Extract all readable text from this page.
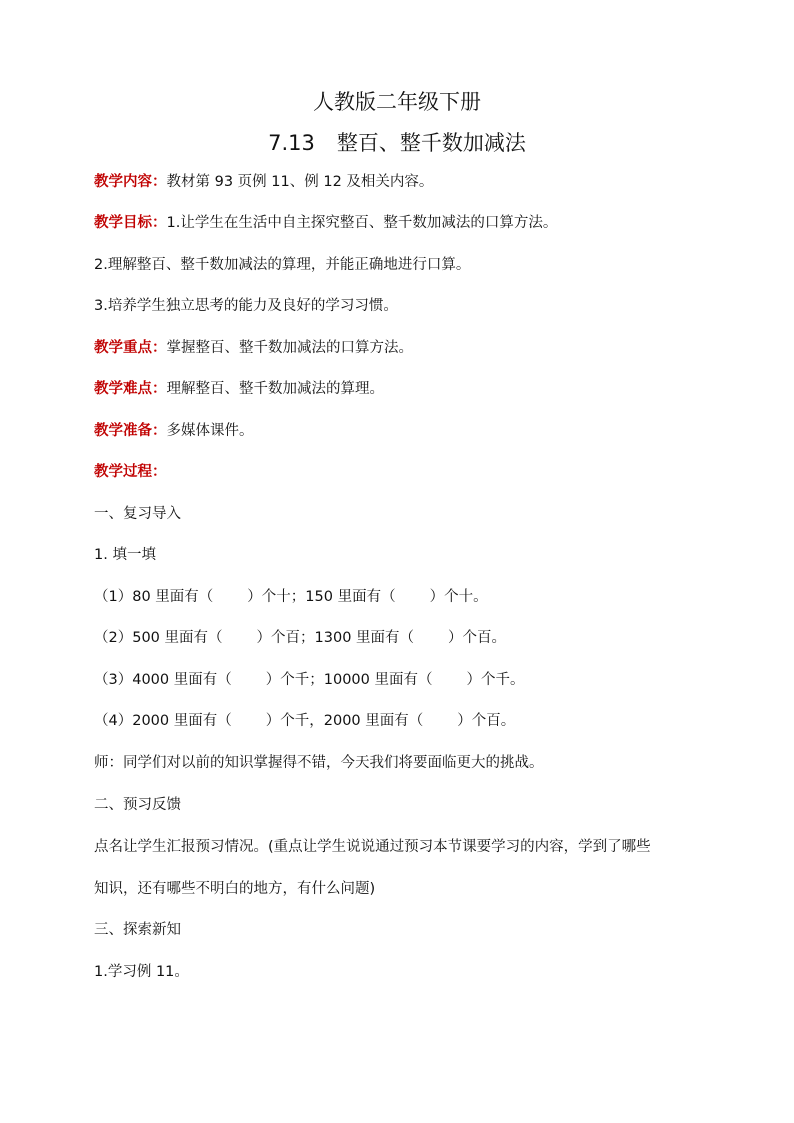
人教版二年级下册
7.13 整百、整千数加减法
教学内容：教材第 93 页例 11、例 12 及相关内容。
教学目标：1.让学生在生活中自主探究整百、整千数加减法的口算方法。
2.理解整百、整千数加减法的算理，并能正确地进行口算。
3.培养学生独立思考的能力及良好的学习习惯。
教学重点：掌握整百、整千数加减法的口算方法。
教学难点：理解整百、整千数加减法的算理。
教学准备：多媒体课件。
教学过程：
一、复习导入
1. 填一填
（1）80 里面有（ ）个十；150 里面有（ ）个十。
（2）500 里面有（ ）个百；1300 里面有（ ）个百。
（3）4000 里面有（ ）个千；10000 里面有（ ）个千。
（4）2000 里面有（ ）个千，2000 里面有（ ）个百。
师：同学们对以前的知识掌握得不错，今天我们将要面临更大的挑战。
二、预习反馈
点名让学生汇报预习情况。(重点让学生说说通过预习本节课要学习的内容，学到了哪些
知识，还有哪些不明白的地方，有什么问题)
三、探索新知
1.学习例 11。
